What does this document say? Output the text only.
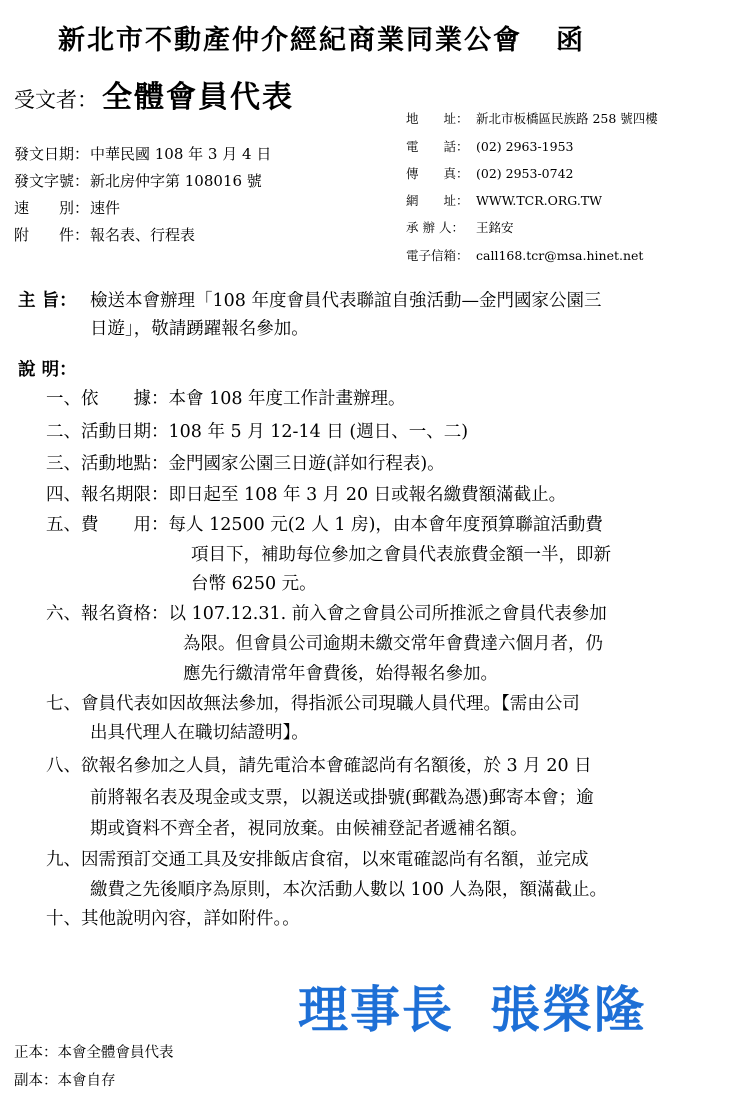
新北市不動產仲介經紀商業同業公會 函
受文者： 全體會員代表
地　　址： 新北市板橋區民族路 258 號四樓
電　　話： (02) 2963-1953
傳　　真： (02) 2953-0742
網　　址： WWW.TCR.ORG.TW
承 辦 人： 王銘安
電子信箱： call168.tcr@msa.hinet.net
發文日期：中華民國 108 年 3 月 4 日
發文字號：新北房仲字第 108016 號
速　　別：速件
附　　件：報名表、行程表
主 旨： 檢送本會辦理「108 年度會員代表聯誼自強活動—金門國家公園三
日遊」，敬請踴躍報名參加。
說 明：
一、依　　據：本會 108 年度工作計畫辦理。
二、活動日期：108 年 5 月 12-14 日 (週日、一、二)
三、活動地點：金門國家公園三日遊(詳如行程表)。
四、報名期限：即日起至 108 年 3 月 20 日或報名繳費額滿截止。
五、費　　用：每人 12500 元(2 人 1 房)，由本會年度預算聯誼活動費
項目下，補助每位參加之會員代表旅費金額一半，即新
台幣 6250 元。
六、報名資格：以 107.12.31. 前入會之會員公司所推派之會員代表參加
為限。但會員公司逾期未繳交常年會費達六個月者，仍
應先行繳清常年會費後，始得報名參加。
七、會員代表如因故無法參加，得指派公司現職人員代理。【需由公司
出具代理人在職切結證明】。
八、欲報名參加之人員，請先電洽本會確認尚有名額後，於 3 月 20 日
前將報名表及現金或支票，以親送或掛號(郵戳為憑)郵寄本會；逾
期或資料不齊全者，視同放棄。由候補登記者遞補名額。
九、因需預訂交通工具及安排飯店食宿，以來電確認尚有名額，並完成
繳費之先後順序為原則，本次活動人數以 100 人為限，額滿截止。
十、其他說明內容，詳如附件。。
理事長 張榮隆
正本：本會全體會員代表
副本：本會自存
